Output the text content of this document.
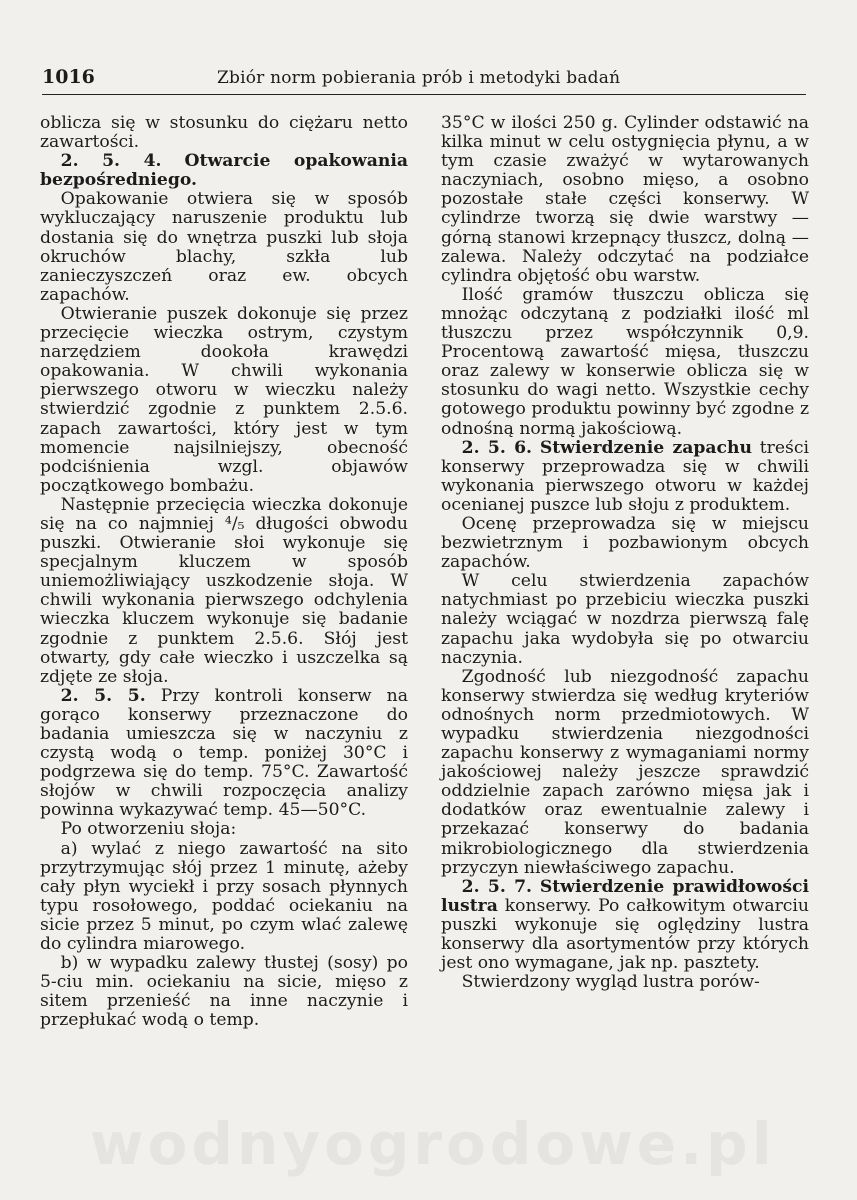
1016	Zbiór norm pobierania prób i metodyki badań

oblicza się w stosunku do ciężaru netto zawartości.

2. 5. 4. Otwarcie opakowania bezpośredniego.

Opakowanie otwiera się w sposób wykluczający naruszenie produktu lub dostania się do wnętrza puszki lub słoja okruchów blachy, szkła lub zanieczyszczeń oraz ew. obcych zapachów.

Otwieranie puszek dokonuje się przez przecięcie wieczka ostrym, czystym narzędziem dookoła krawędzi opakowania. W chwili wykonania pierwszego otworu w wieczku należy stwierdzić zgodnie z punktem 2.5.6. zapach zawartości, który jest w tym momencie najsilniejszy, obecność podciśnienia wzgl. objawów początkowego bombażu.

Następnie przecięcia wieczka dokonuje się na co najmniej ⁴/₅ długości obwodu puszki. Otwieranie słoi wykonuje się specjalnym kluczem w sposób uniemożliwiający uszkodzenie słoja. W chwili wykonania pierwszego odchylenia wieczka kluczem wykonuje się badanie zgodnie z punktem 2.5.6. Słój jest otwarty, gdy całe wieczko i uszczelka są zdjęte ze słoja.

2. 5. 5. Przy kontroli konserw na gorąco konserwy przeznaczone do badania umieszcza się w naczyniu z czystą wodą o temp. poniżej 30°C i podgrzewa się do temp. 75°C. Zawartość słojów w chwili rozpoczęcia analizy powinna wykazywać temp. 45—50°C.

Po otworzeniu słoja:

a) wylać z niego zawartość na sito przytrzymując słój przez 1 minutę, ażeby cały płyn wyciekł i przy sosach płynnych typu rosołowego, poddać ociekaniu na sicie przez 5 minut, po czym wlać zalewę do cylindra miarowego.

b) w wypadku zalewy tłustej (sosy) po 5-ciu min. ociekaniu na sicie, mięso z sitem przenieść na inne naczynie i przepłukać wodą o temp.

35°C w ilości 250 g. Cylinder odstawić na kilka minut w celu ostygnięcia płynu, a w tym czasie zważyć w wytarowanych naczyniach, osobno mięso, a osobno pozostałe stałe części konserwy. W cylindrze tworzą się dwie warstwy — górną stanowi krzepnący tłuszcz, dolną — zalewa. Należy odczytać na podziałce cylindra objętość obu warstw.

Ilość gramów tłuszczu oblicza się mnożąc odczytaną z podziałki ilość ml tłuszczu przez współczynnik 0,9. Procentową zawartość mięsa, tłuszczu oraz zalewy w konserwie oblicza się w stosunku do wagi netto. Wszystkie cechy gotowego produktu powinny być zgodne z odnośną normą jakościową.

2. 5. 6. Stwierdzenie zapachu treści konserwy przeprowadza się w chwili wykonania pierwszego otworu w każdej ocenianej puszce lub słoju z produktem.

Ocenę przeprowadza się w miejscu bezwietrznym i pozbawionym obcych zapachów.

W celu stwierdzenia zapachów natychmiast po przebiciu wieczka puszki należy wciągać w nozdrza pierwszą falę zapachu jaka wydobyła się po otwarciu naczynia.

Zgodność lub niezgodność zapachu konserwy stwierdza się według kryteriów odnośnych norm przedmiotowych. W wypadku stwierdzenia niezgodności zapachu konserwy z wymaganiami normy jakościowej należy jeszcze sprawdzić oddzielnie zapach zarówno mięsa jak i dodatków oraz ewentualnie zalewy i przekazać konserwy do badania mikrobiologicznego dla stwierdzenia przyczyn niewłaściwego zapachu.

2. 5. 7. Stwierdzenie prawidłowości lustra konserwy. Po całkowitym otwarciu puszki wykonuje się oględziny lustra konserwy dla asortymentów przy których jest ono wymagane, jak np. pasztety.

Stwierdzony wygląd lustra porów-

wodnyogrodowe.pl
